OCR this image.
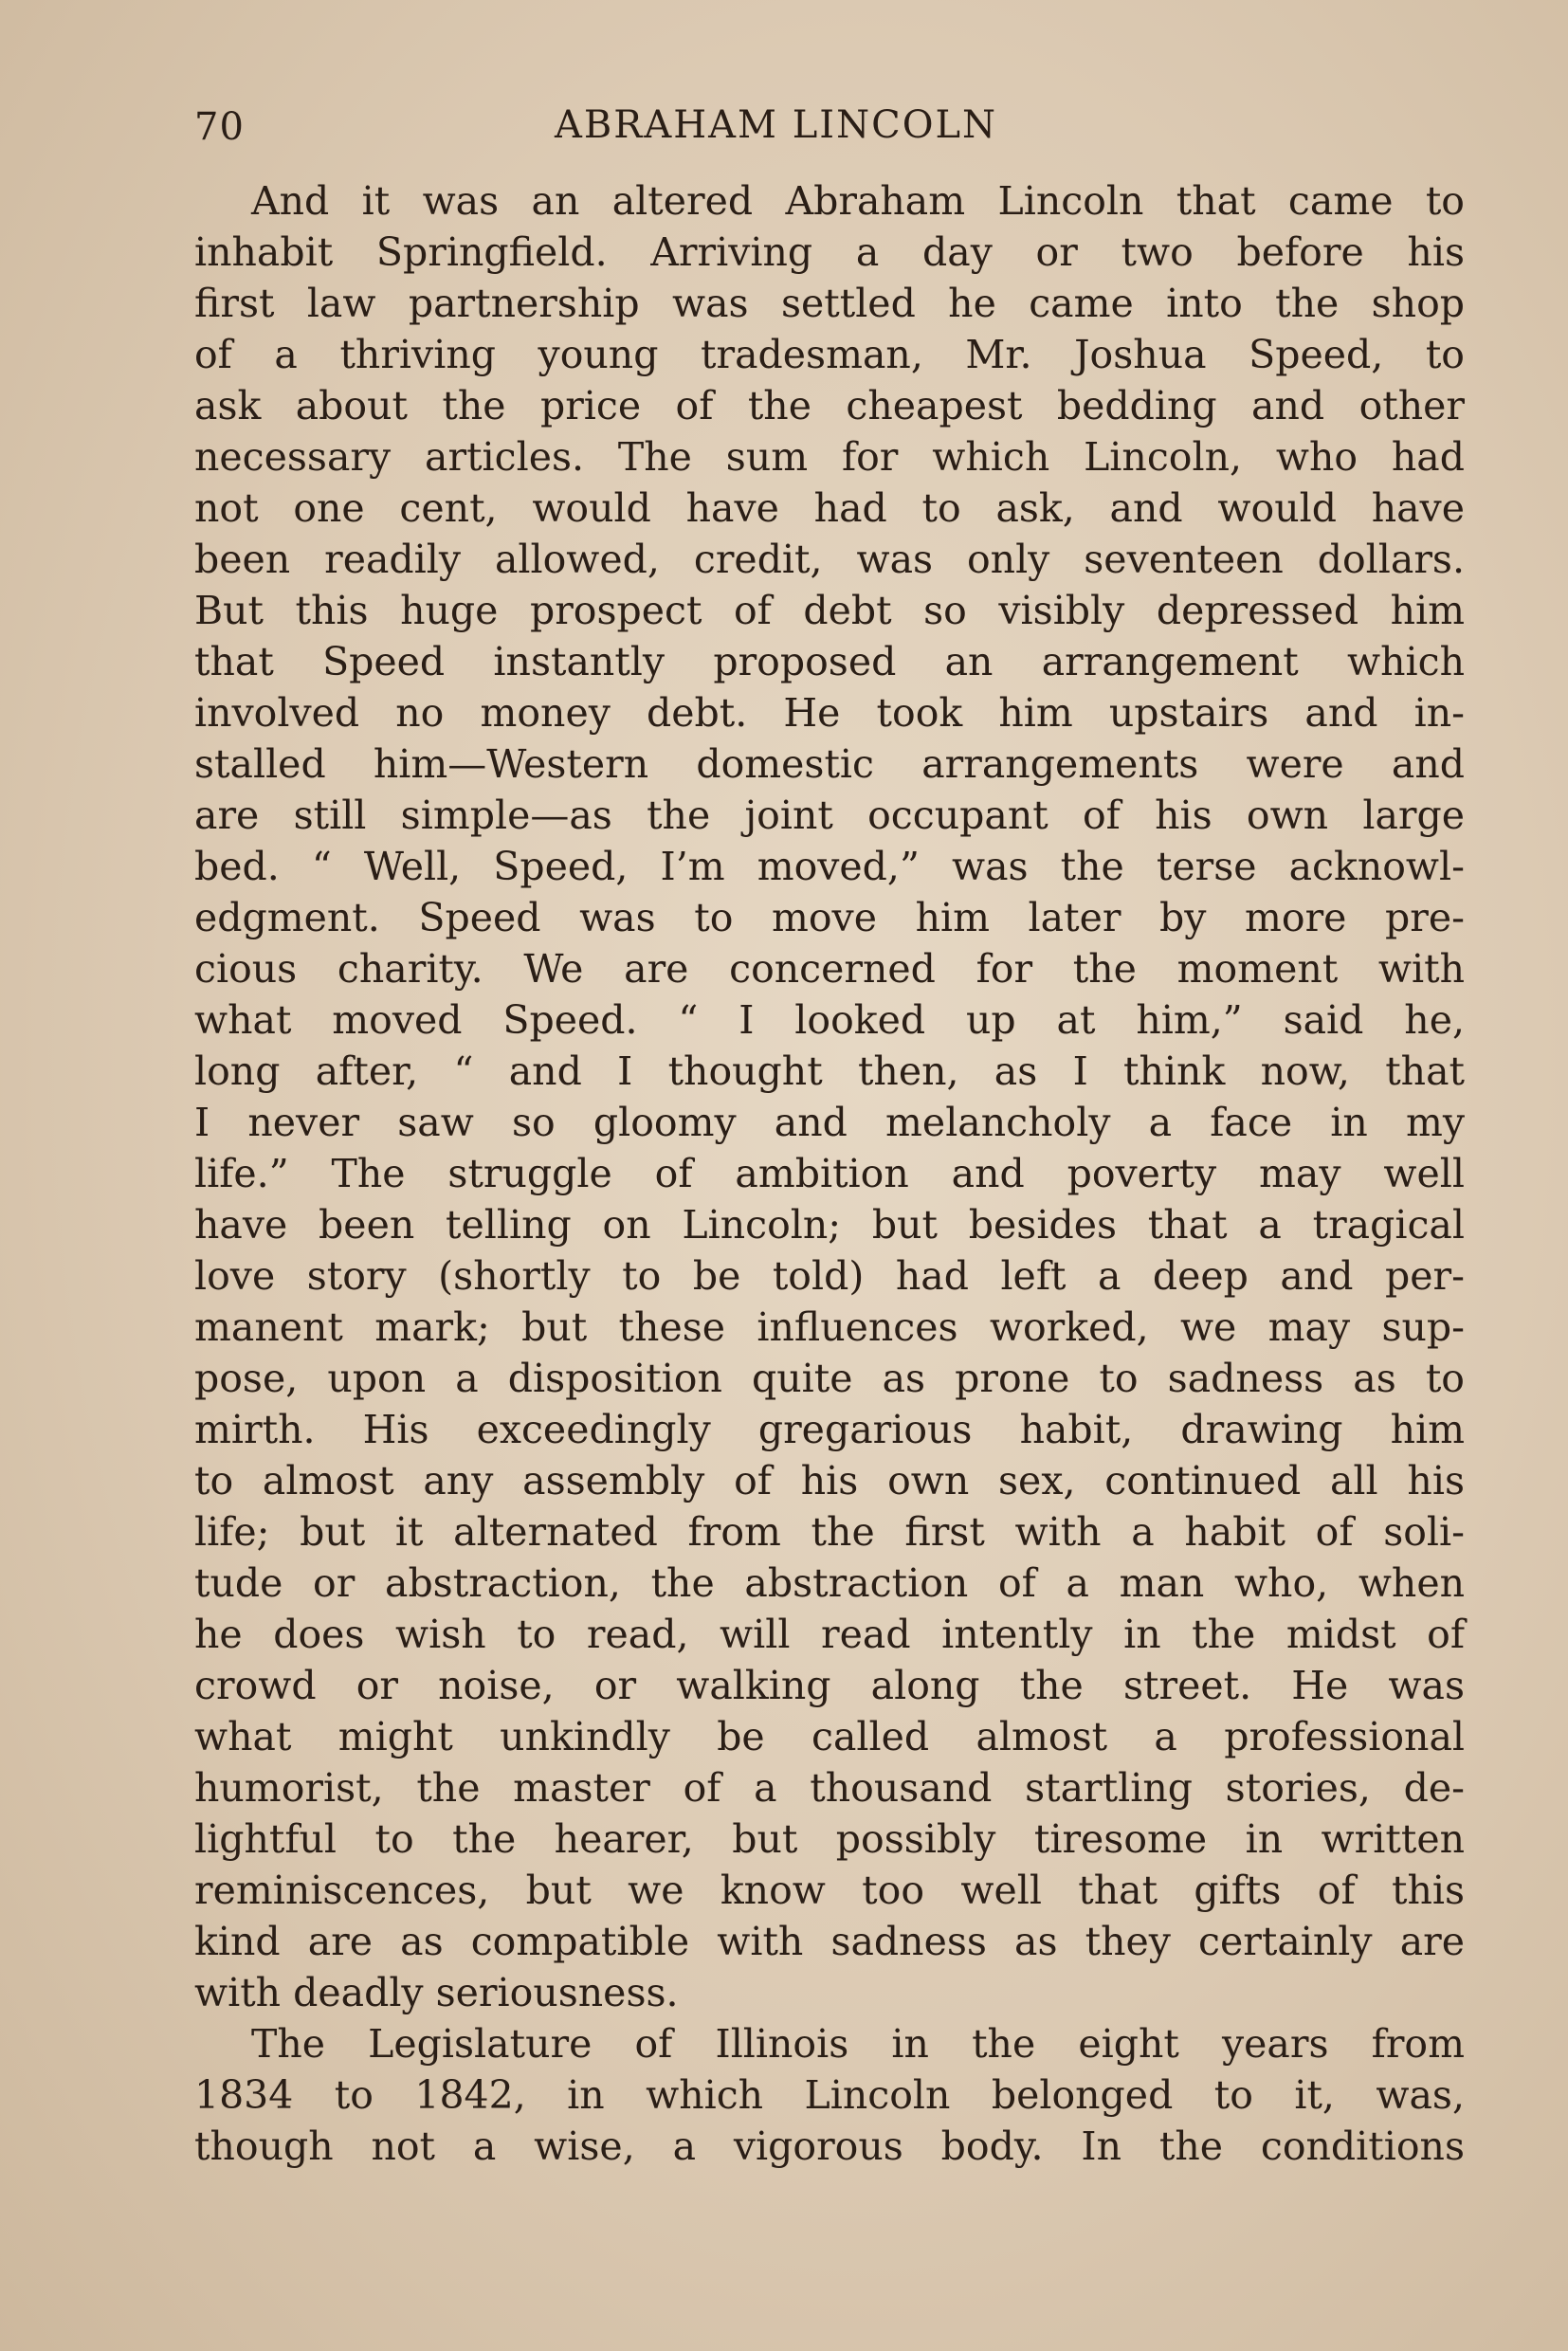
70	ABRAHAM LINCOLN
And it was an altered Abraham Lincoln that came to
inhabit Springfield. Arriving a day or two before his
first law partnership was settled he came into the shop
of a thriving young tradesman, Mr. Joshua Speed, to
ask about the price of the cheapest bedding and other
necessary articles. The sum for which Lincoln, who had
not one cent, would have had to ask, and would have
been readily allowed, credit, was only seventeen dollars.
But this huge prospect of debt so visibly depressed him
that Speed instantly proposed an arrangement which
involved no money debt. He took him upstairs and in-
stalled him—Western domestic arrangements were and
are still simple—as the joint occupant of his own large
bed. “ Well, Speed, I’m moved,” was the terse acknowl-
edgment. Speed was to move him later by more pre-
cious charity. We are concerned for the moment with
what moved Speed. “ I looked up at him,” said he,
long after, “ and I thought then, as I think now, that
I never saw so gloomy and melancholy a face in my
life.” The struggle of ambition and poverty may well
have been telling on Lincoln; but besides that a tragical
love story (shortly to be told) had left a deep and per-
manent mark; but these influences worked, we may sup-
pose, upon a disposition quite as prone to sadness as to
mirth. His exceedingly gregarious habit, drawing him
to almost any assembly of his own sex, continued all his
life; but it alternated from the first with a habit of soli-
tude or abstraction, the abstraction of a man who, when
he does wish to read, will read intently in the midst of
crowd or noise, or walking along the street. He was
what might unkindly be called almost a professional
humorist, the master of a thousand startling stories, de-
lightful to the hearer, but possibly tiresome in written
reminiscences, but we know too well that gifts of this
kind are as compatible with sadness as they certainly are
with deadly seriousness.
The Legislature of Illinois in the eight years from
1834 to 1842, in which Lincoln belonged to it, was,
though not a wise, a vigorous body. In the conditions
